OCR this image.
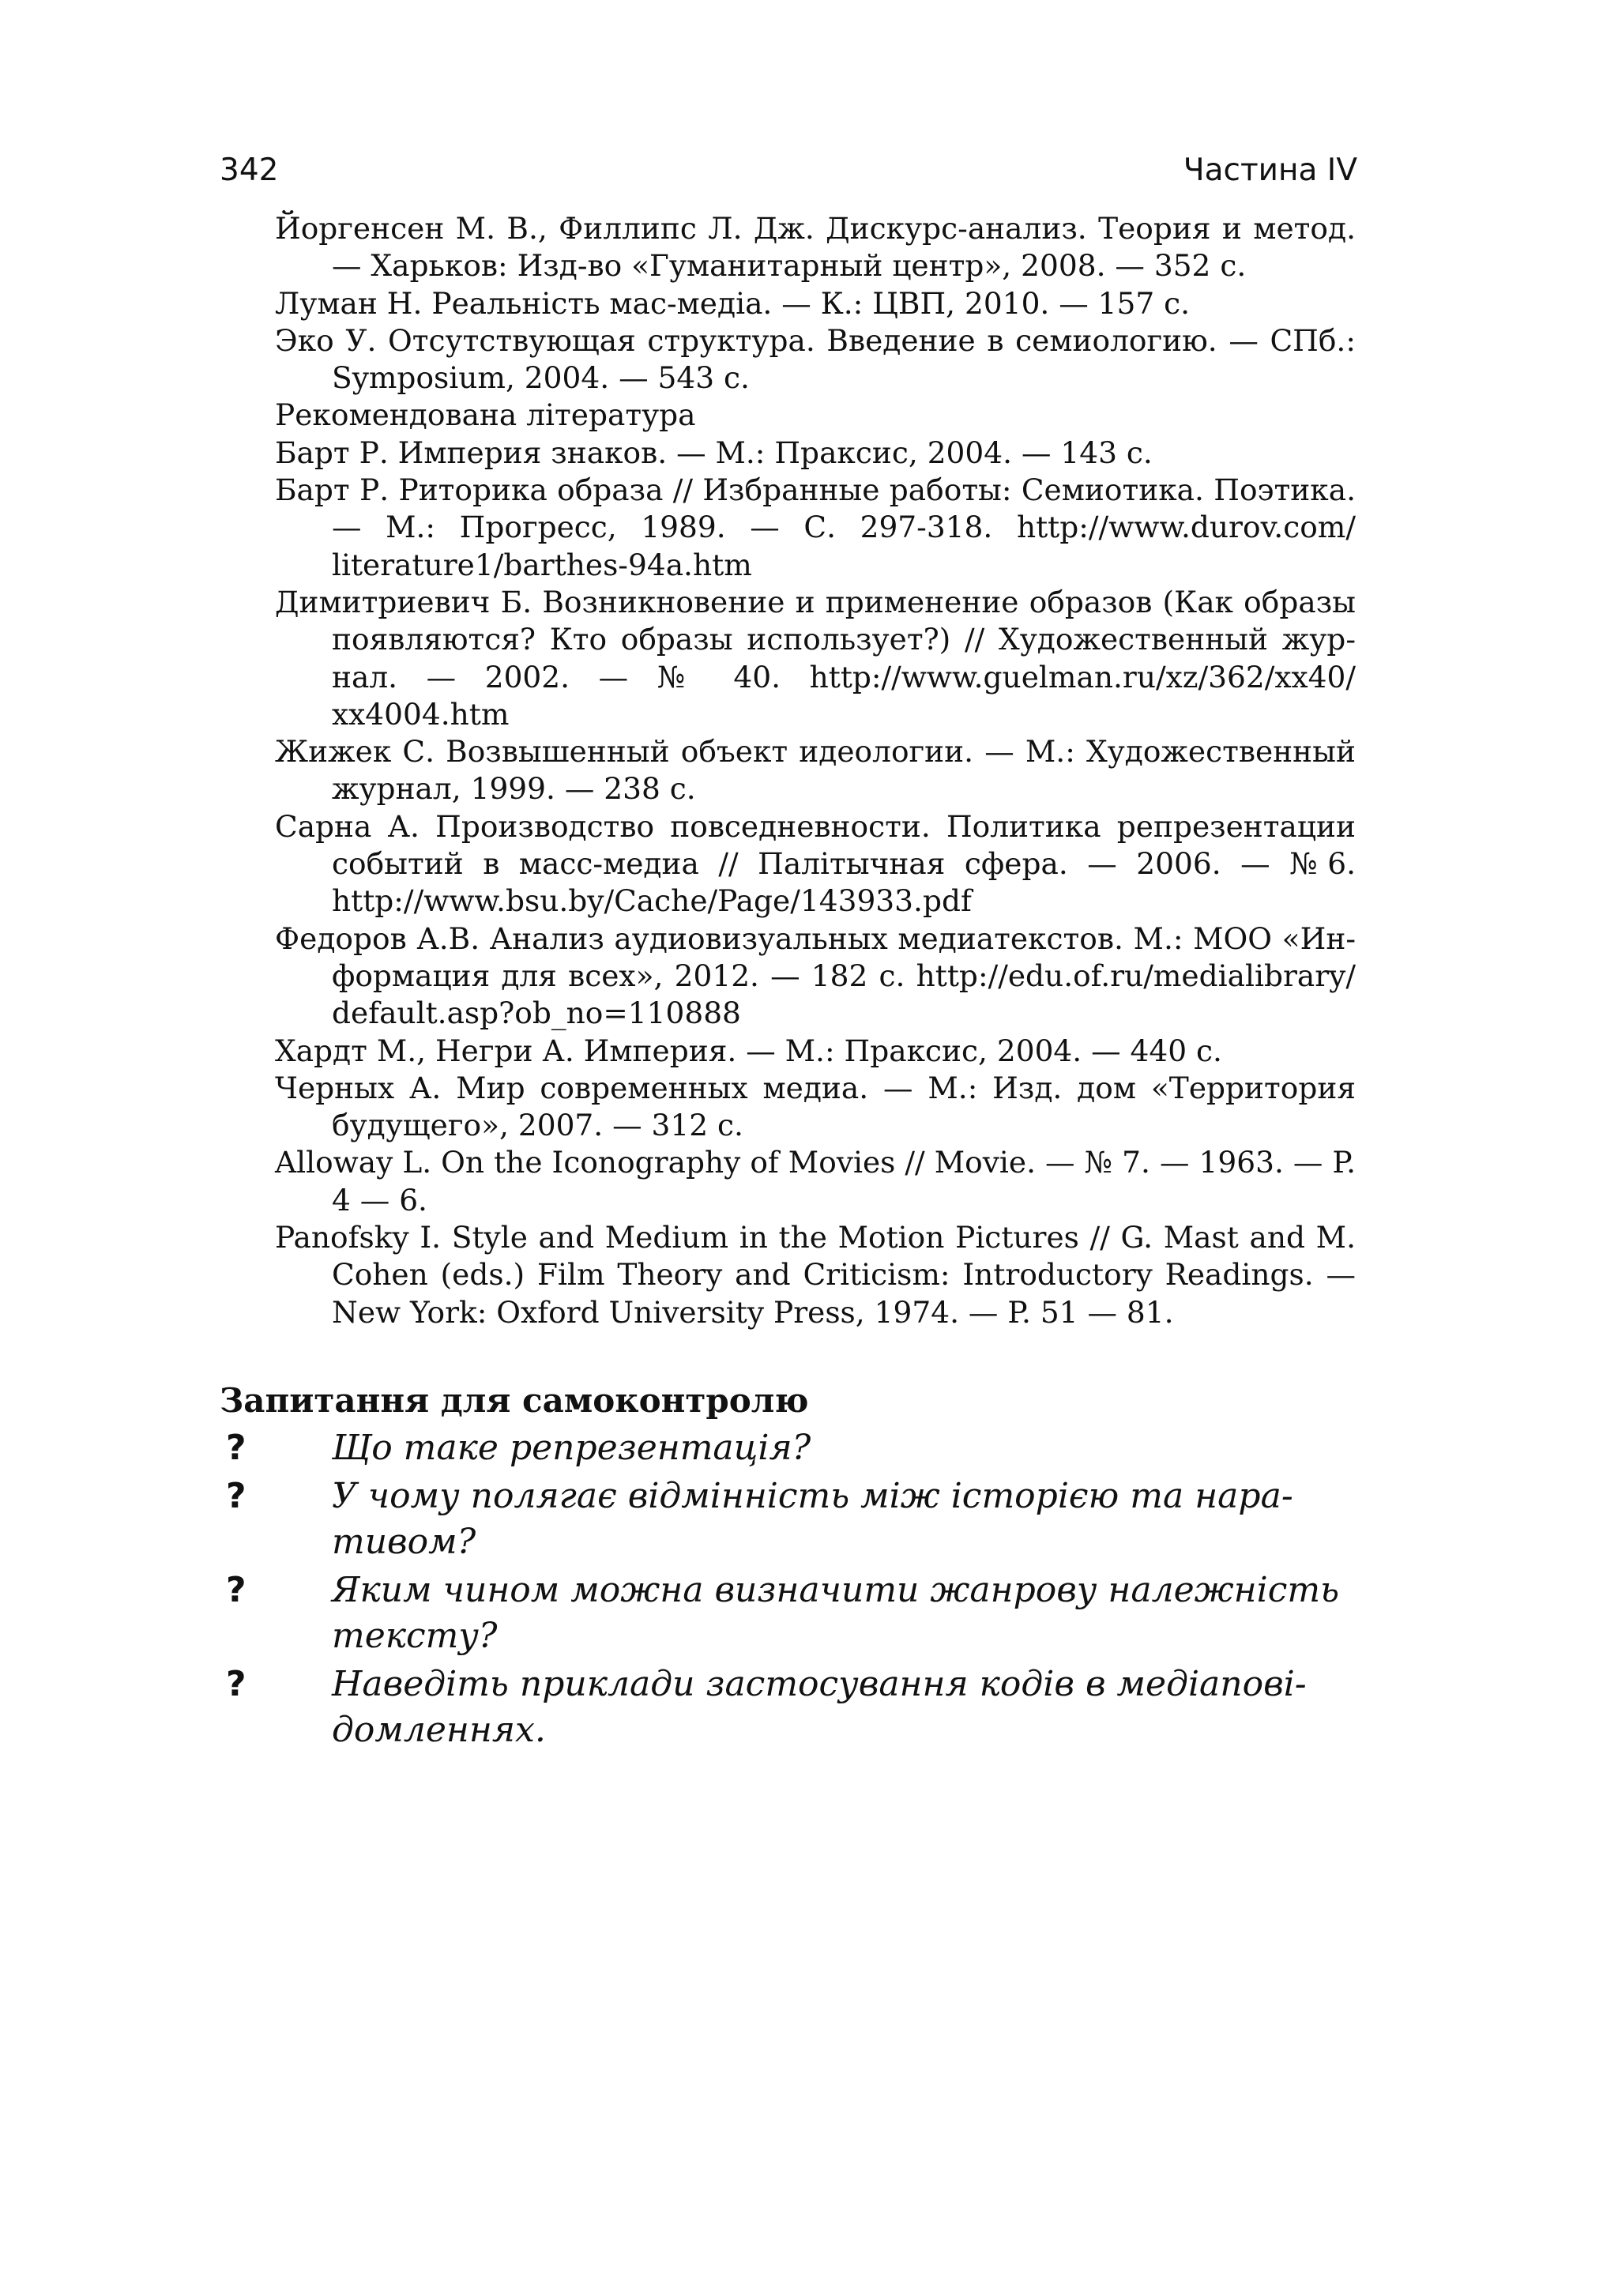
342	Частина IV
Йоргенсен М. В., Филлипс Л. Дж. Дискурс-анализ. Теория и метод. — Харьков: Изд-во «Гуманитарный центр», 2008. — 352 с.
Луман Н. Реальність мас-медіа. — К.: ЦВП, 2010. — 157 с.
Эко У. Отсутствующая структура. Введение в семиологию. — СПб.: Symposium, 2004. — 543 с.
Рекомендована література
Барт Р. Империя знаков. — М.: Праксис, 2004. — 143 с.
Барт Р. Риторика образа // Избранные работы: Семиотика. Поэтика. — М.: Прогресс, 1989. — С. 297-318. http://www.durov.com/ literature1/barthes-94a.htm
Димитриевич Б. Возникновение и применение образов (Как образы появляются? Кто образы использует?) // Художественный журнал. — 2002. — № 40. http://www.guelman.ru/xz/362/xx40/ xx4004.htm
Жижек С. Возвышенный объект идеологии. — М.: Художественный журнал, 1999. — 238 с.
Сарна А. Производство повседневности. Политика репрезентации событий в масс-медиа // Палітычная сфера. — 2006. — №6. http://www.bsu.by/Cache/Page/143933.pdf
Федоров А.В. Анализ аудиовизуальных медиатекстов. М.: МОО «Информация для всех», 2012. — 182 с. http://edu.of.ru/medialibrary/ default.asp?ob_no=110888
Хардт М., Негри А. Империя. — М.: Праксис, 2004. — 440 с.
Черных А. Мир современных медиа. — М.: Изд. дом «Территория будущего», 2007. — 312 с.
Alloway L. On the Iconography of Movies // Movie. — № 7. — 1963. — P. 4 — 6.
Panofsky I. Style and Medium in the Motion Pictures // G. Mast and M. Cohen (eds.) Film Theory and Criticism: Introductory Readings. — New York: Oxford University Press, 1974. — P. 51 — 81.
Запитання для самоконтролю
? Що таке репрезентація?
? У чому полягає відмінність між історією та наративом?
? Яким чином можна визначити жанрову належність тексту?
? Наведіть приклади застосування кодів в медіаповідомленнях.
